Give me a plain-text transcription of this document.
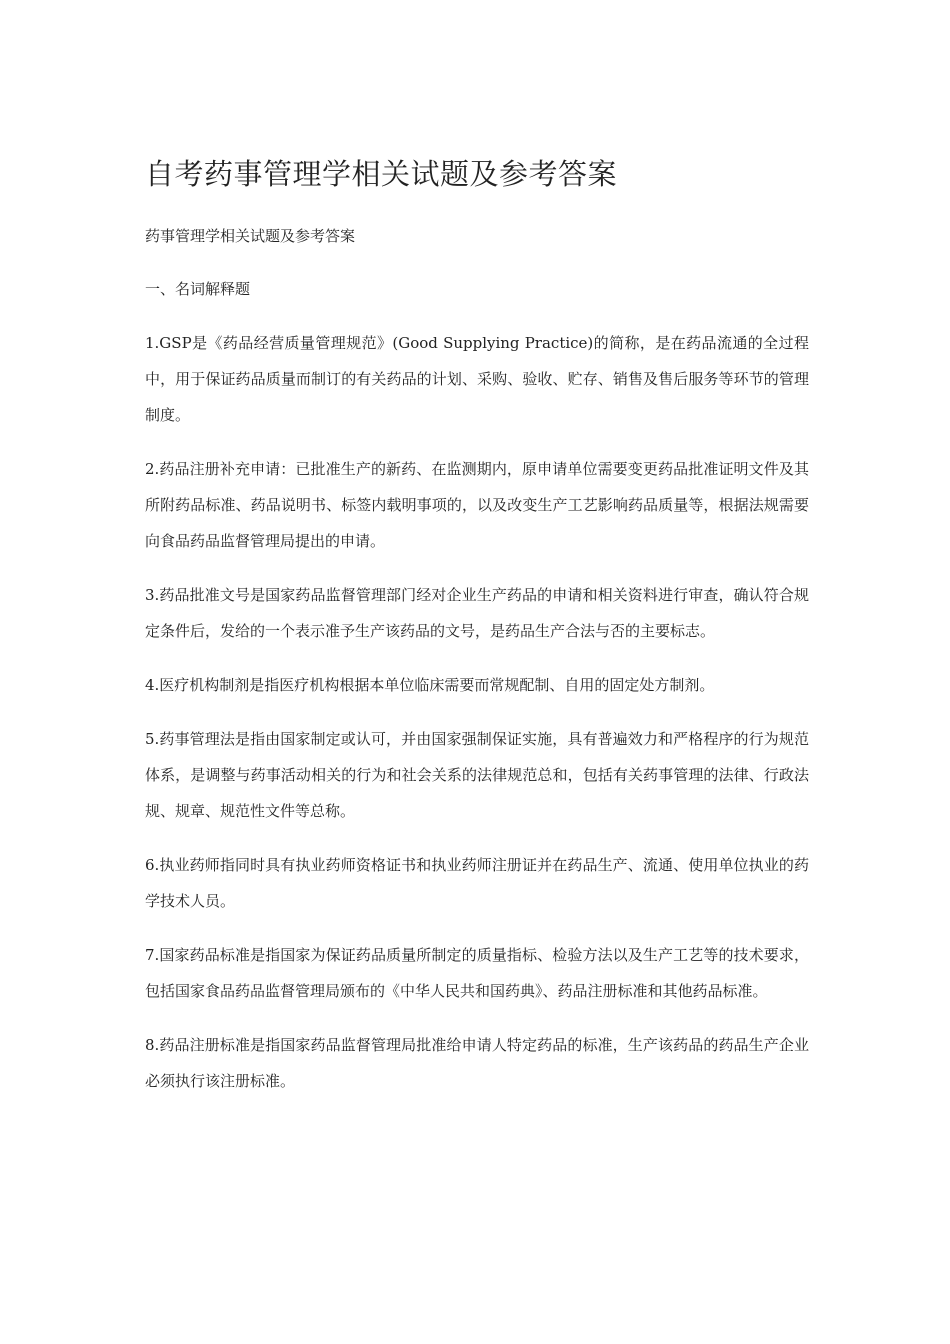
自考药事管理学相关试题及参考答案

药事管理学相关试题及参考答案

一、名词解释题

1.GSP是《药品经营质量管理规范》(Good Supplying Practice)的简称，是在药品流通的全过程中，用于保证药品质量而制订的有关药品的计划、采购、验收、贮存、销售及售后服务等环节的管理制度。

2.药品注册补充申请：已批准生产的新药、在监测期内，原申请单位需要变更药品批准证明文件及其所附药品标准、药品说明书、标签内载明事项的，以及改变生产工艺影响药品质量等，根据法规需要向食品药品监督管理局提出的申请。

3.药品批准文号是国家药品监督管理部门经对企业生产药品的申请和相关资料进行审查，确认符合规定条件后，发给的一个表示准予生产该药品的文号，是药品生产合法与否的主要标志。

4.医疗机构制剂是指医疗机构根据本单位临床需要而常规配制、自用的固定处方制剂。

5.药事管理法是指由国家制定或认可，并由国家强制保证实施，具有普遍效力和严格程序的行为规范体系，是调整与药事活动相关的行为和社会关系的法律规范总和，包括有关药事管理的法律、行政法规、规章、规范性文件等总称。

6.执业药师指同时具有执业药师资格证书和执业药师注册证并在药品生产、流通、使用单位执业的药学技术人员。

7.国家药品标准是指国家为保证药品质量所制定的质量指标、检验方法以及生产工艺等的技术要求，包括国家食品药品监督管理局颁布的《中华人民共和国药典》、药品注册标准和其他药品标准。

8.药品注册标准是指国家药品监督管理局批准给申请人特定药品的标准，生产该药品的药品生产企业必须执行该注册标准。
